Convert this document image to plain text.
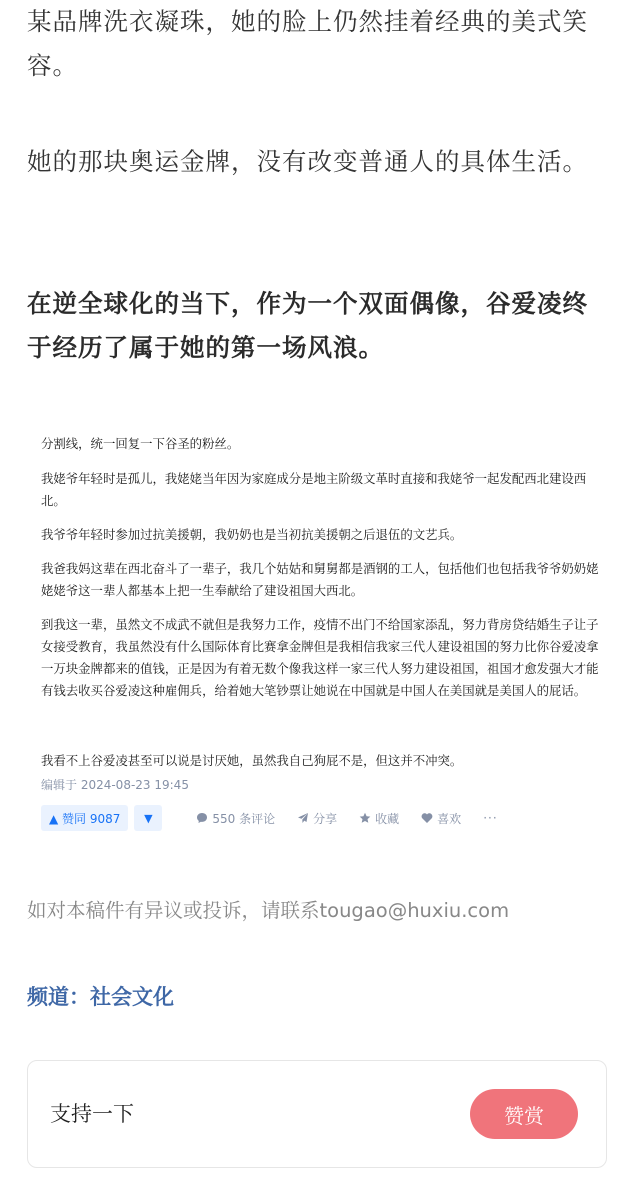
某品牌洗衣凝珠，她的脸上仍然挂着经典的美式笑容。

她的那块奥运金牌，没有改变普通人的具体生活。

在逆全球化的当下，作为一个双面偶像，谷爱凌终于经历了属于她的第一场风浪。

分割线，统一回复一下谷圣的粉丝。

我姥爷年轻时是孤儿，我姥姥当年因为家庭成分是地主阶级文革时直接和我姥爷一起发配西北建设西北。

我爷爷年轻时参加过抗美援朝，我奶奶也是当初抗美援朝之后退伍的文艺兵。

我爸我妈这辈在西北奋斗了一辈子，我几个姑姑和舅舅都是酒钢的工人，包括他们也包括我爷爷奶奶姥姥姥爷这一辈人都基本上把一生奉献给了建设祖国大西北。

到我这一辈，虽然文不成武不就但是我努力工作，疫情不出门不给国家添乱，努力背房贷结婚生子让子女接受教育，我虽然没有什么国际体育比赛拿金牌但是我相信我家三代人建设祖国的努力比你谷爱凌拿一万块金牌都来的值钱，正是因为有着无数个像我这样一家三代人努力建设祖国，祖国才愈发强大才能有钱去收买谷爱凌这种雇佣兵，给着她大笔钞票让她说在中国就是中国人在美国就是美国人的屁话。

我看不上谷爱凌甚至可以说是讨厌她，虽然我自己狗屁不是，但这并不冲突。

编辑于 2024-08-23 19:45
▲ 赞同 9087	▼	550 条评论	分享	收藏	喜欢 ···

如对本稿件有异议或投诉，请联系tougao@huxiu.com

频道：社会文化

支持一下	赞赏
